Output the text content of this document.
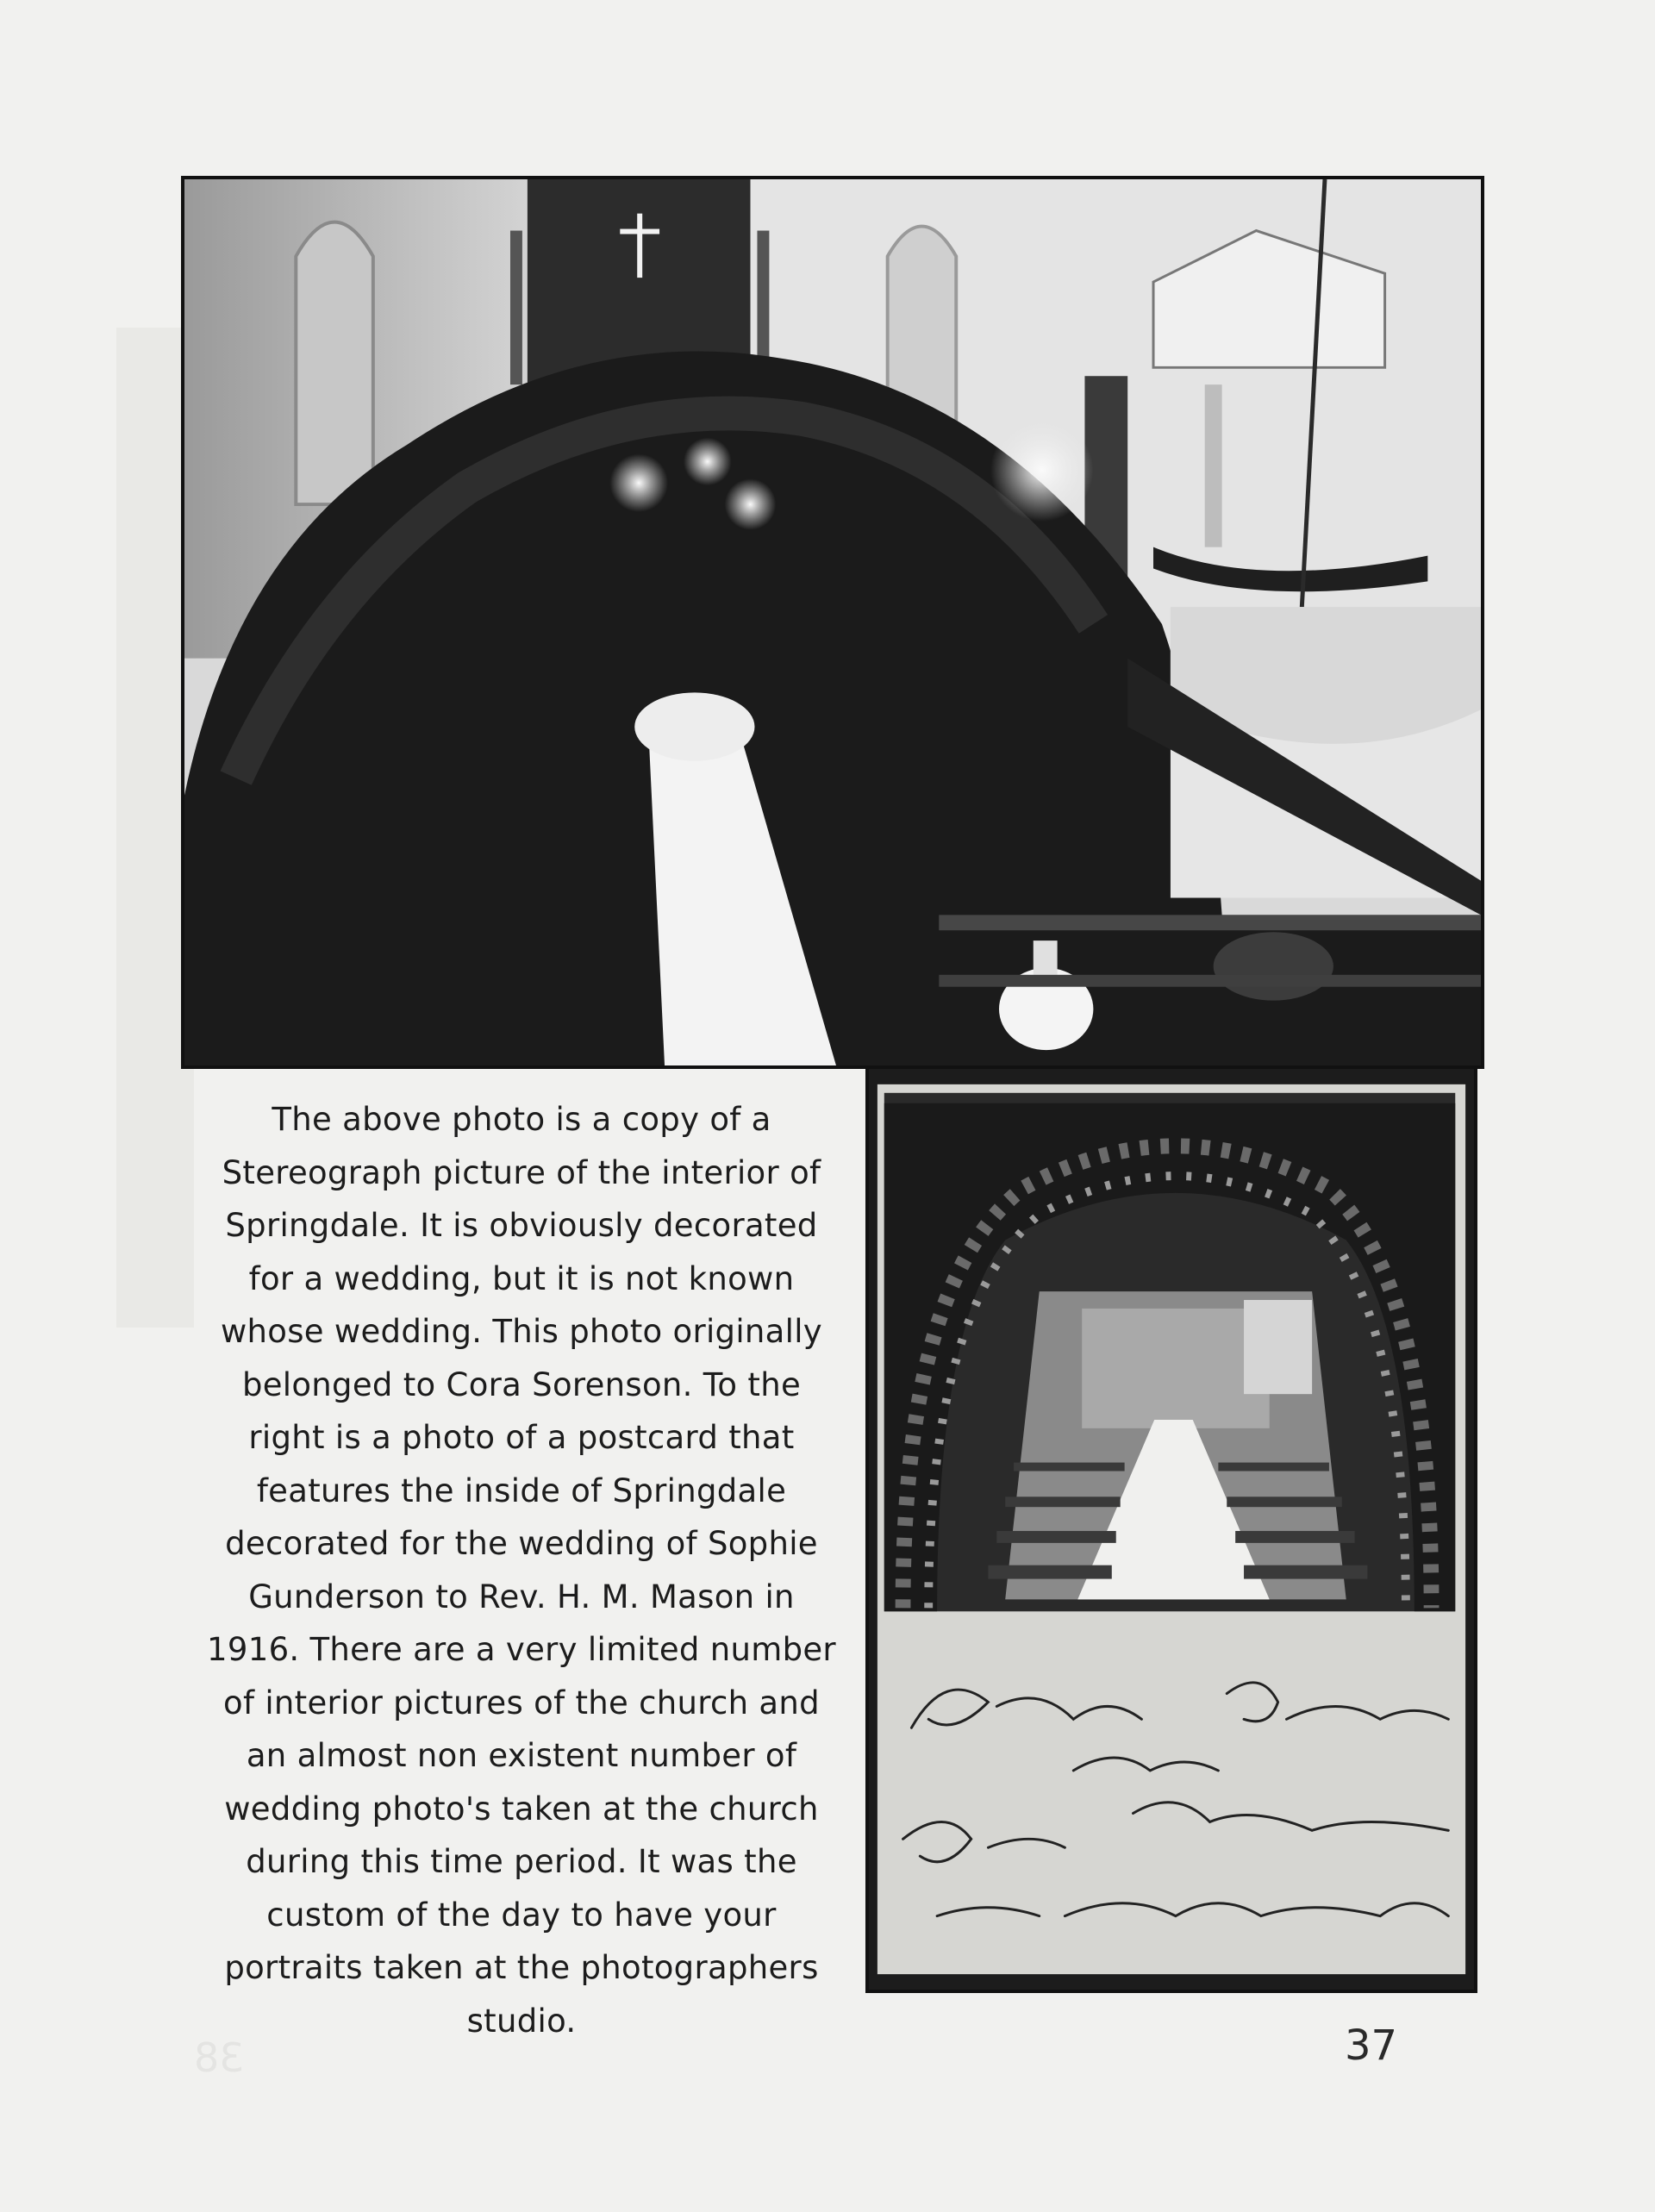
38

The above photo is a copy of a Stereograph picture of the interior of Springdale. It is obviously decorated for a wedding, but it is not known whose wedding. This photo originally belonged to Cora Sorenson. To the right is a photo of a postcard that features the inside of Springdale decorated for the wedding of Sophie Gunderson to Rev. H. M. Mason in 1916. There are a very limited number of interior pictures of the church and an almost non existent number of wedding photo's taken at the church during this time period. It was the custom of the day to have your portraits taken at the photographers studio.

37
